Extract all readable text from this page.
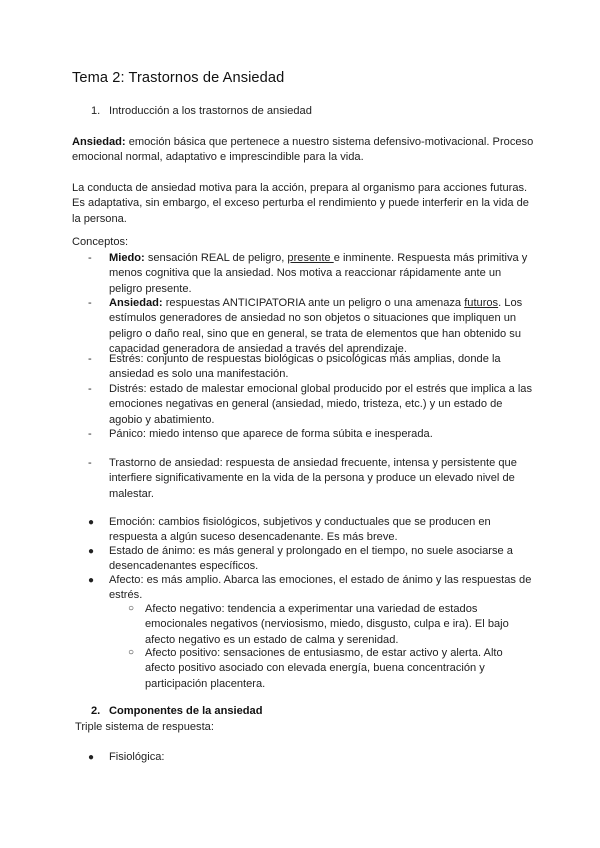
Tema 2: Trastornos de Ansiedad
1. Introducción a los trastornos de ansiedad
Ansiedad: emoción básica que pertenece a nuestro sistema defensivo-motivacional. Proceso emocional normal, adaptativo e imprescindible para la vida.
La conducta de ansiedad motiva para la acción, prepara al organismo para acciones futuras. Es adaptativa, sin embargo, el exceso perturba el rendimiento y puede interferir en la vida de la persona.
Conceptos:
- Miedo: sensación REAL de peligro, presente e inminente. Respuesta más primitiva y menos cognitiva que la ansiedad. Nos motiva a reaccionar rápidamente ante un peligro presente.
- Ansiedad: respuestas ANTICIPATORIA ante un peligro o una amenaza futuros. Los estímulos generadores de ansiedad no son objetos o situaciones que impliquen un peligro o daño real, sino que en general, se trata de elementos que han obtenido su capacidad generadora de ansiedad a través del aprendizaje.
- Estrés: conjunto de respuestas biológicas o psicológicas más amplias, donde la ansiedad es solo una manifestación.
- Distrés: estado de malestar emocional global producido por el estrés que implica a las emociones negativas en general (ansiedad, miedo, tristeza, etc.) y un estado de agobio y abatimiento.
- Pánico: miedo intenso que aparece de forma súbita e inesperada.
- Trastorno de ansiedad: respuesta de ansiedad frecuente, intensa y persistente que interfiere significativamente en la vida de la persona y produce un elevado nivel de malestar.
● Emoción: cambios fisiológicos, subjetivos y conductuales que se producen en respuesta a algún suceso desencadenante. Es más breve.
● Estado de ánimo: es más general y prolongado en el tiempo, no suele asociarse a desencadenantes específicos.
● Afecto: es más amplio. Abarca las emociones, el estado de ánimo y las respuestas de estrés.
○ Afecto negativo: tendencia a experimentar una variedad de estados emocionales negativos (nerviosismo, miedo, disgusto, culpa e ira). El bajo afecto negativo es un estado de calma y serenidad.
○ Afecto positivo: sensaciones de entusiasmo, de estar activo y alerta. Alto afecto positivo asociado con elevada energía, buena concentración y participación placentera.
2. Componentes de la ansiedad
Triple sistema de respuesta:
● Fisiológica:
